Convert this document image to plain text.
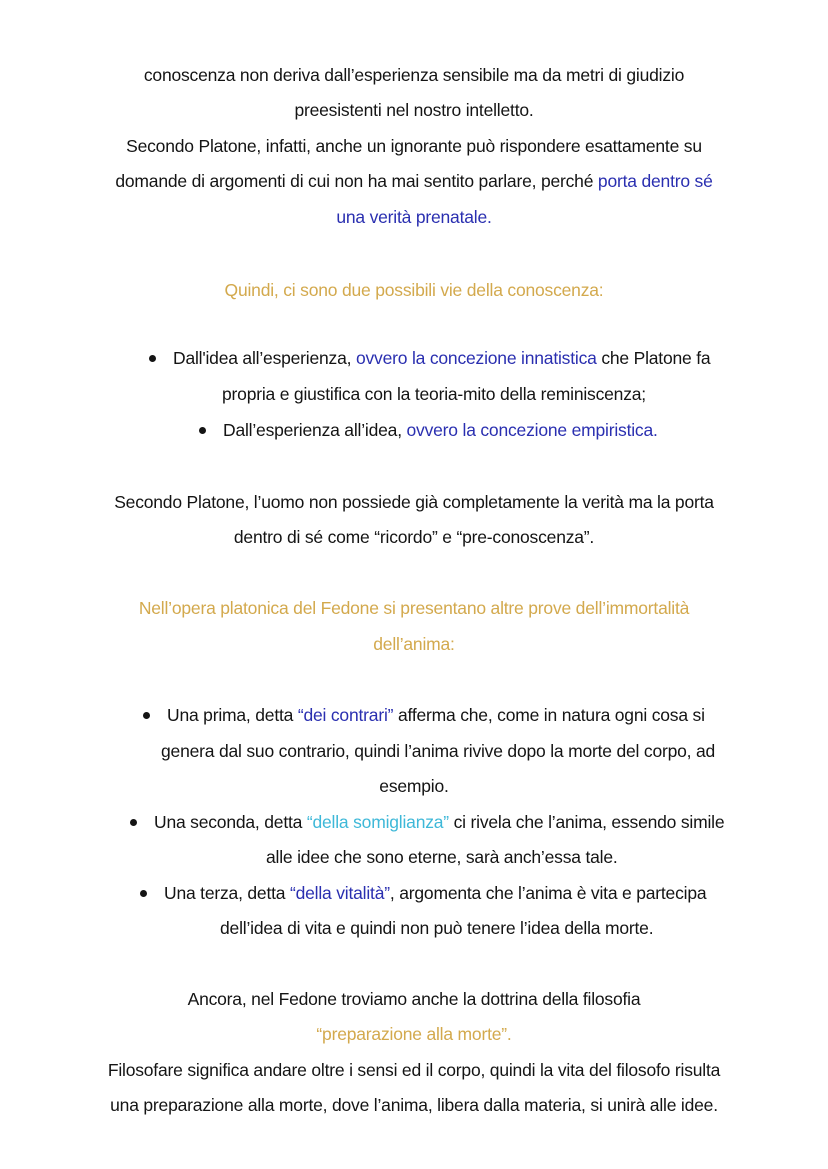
conoscenza non deriva dall’esperienza sensibile ma da metri di giudizio
preesistenti nel nostro intelletto.
Secondo Platone, infatti, anche un ignorante può rispondere esattamente su
domande di argomenti di cui non ha mai sentito parlare, perché porta dentro sé
una verità prenatale.
Quindi, ci sono due possibili vie della conoscenza:
Dall'idea all’esperienza, ovvero la concezione innatistica che Platone fa
propria e giustifica con la teoria-mito della reminiscenza;
Dall’esperienza all’idea, ovvero la concezione empiristica.
Secondo Platone, l’uomo non possiede già completamente la verità ma la porta
dentro di sé come “ricordo” e “pre-conoscenza”.
Nell’opera platonica del Fedone si presentano altre prove dell’immortalità
dell’anima:
Una prima, detta “dei contrari” afferma che, come in natura ogni cosa si
genera dal suo contrario, quindi l’anima rivive dopo la morte del corpo, ad
esempio.
Una seconda, detta “della somiglianza” ci rivela che l’anima, essendo simile
alle idee che sono eterne, sarà anch’essa tale.
Una terza, detta “della vitalità”, argomenta che l’anima è vita e partecipa
dell’idea di vita e quindi non può tenere l’idea della morte.
Ancora, nel Fedone troviamo anche la dottrina della filosofia
“preparazione alla morte”.
Filosofare significa andare oltre i sensi ed il corpo, quindi la vita del filosofo risulta
una preparazione alla morte, dove l’anima, libera dalla materia, si unirà alle idee.
